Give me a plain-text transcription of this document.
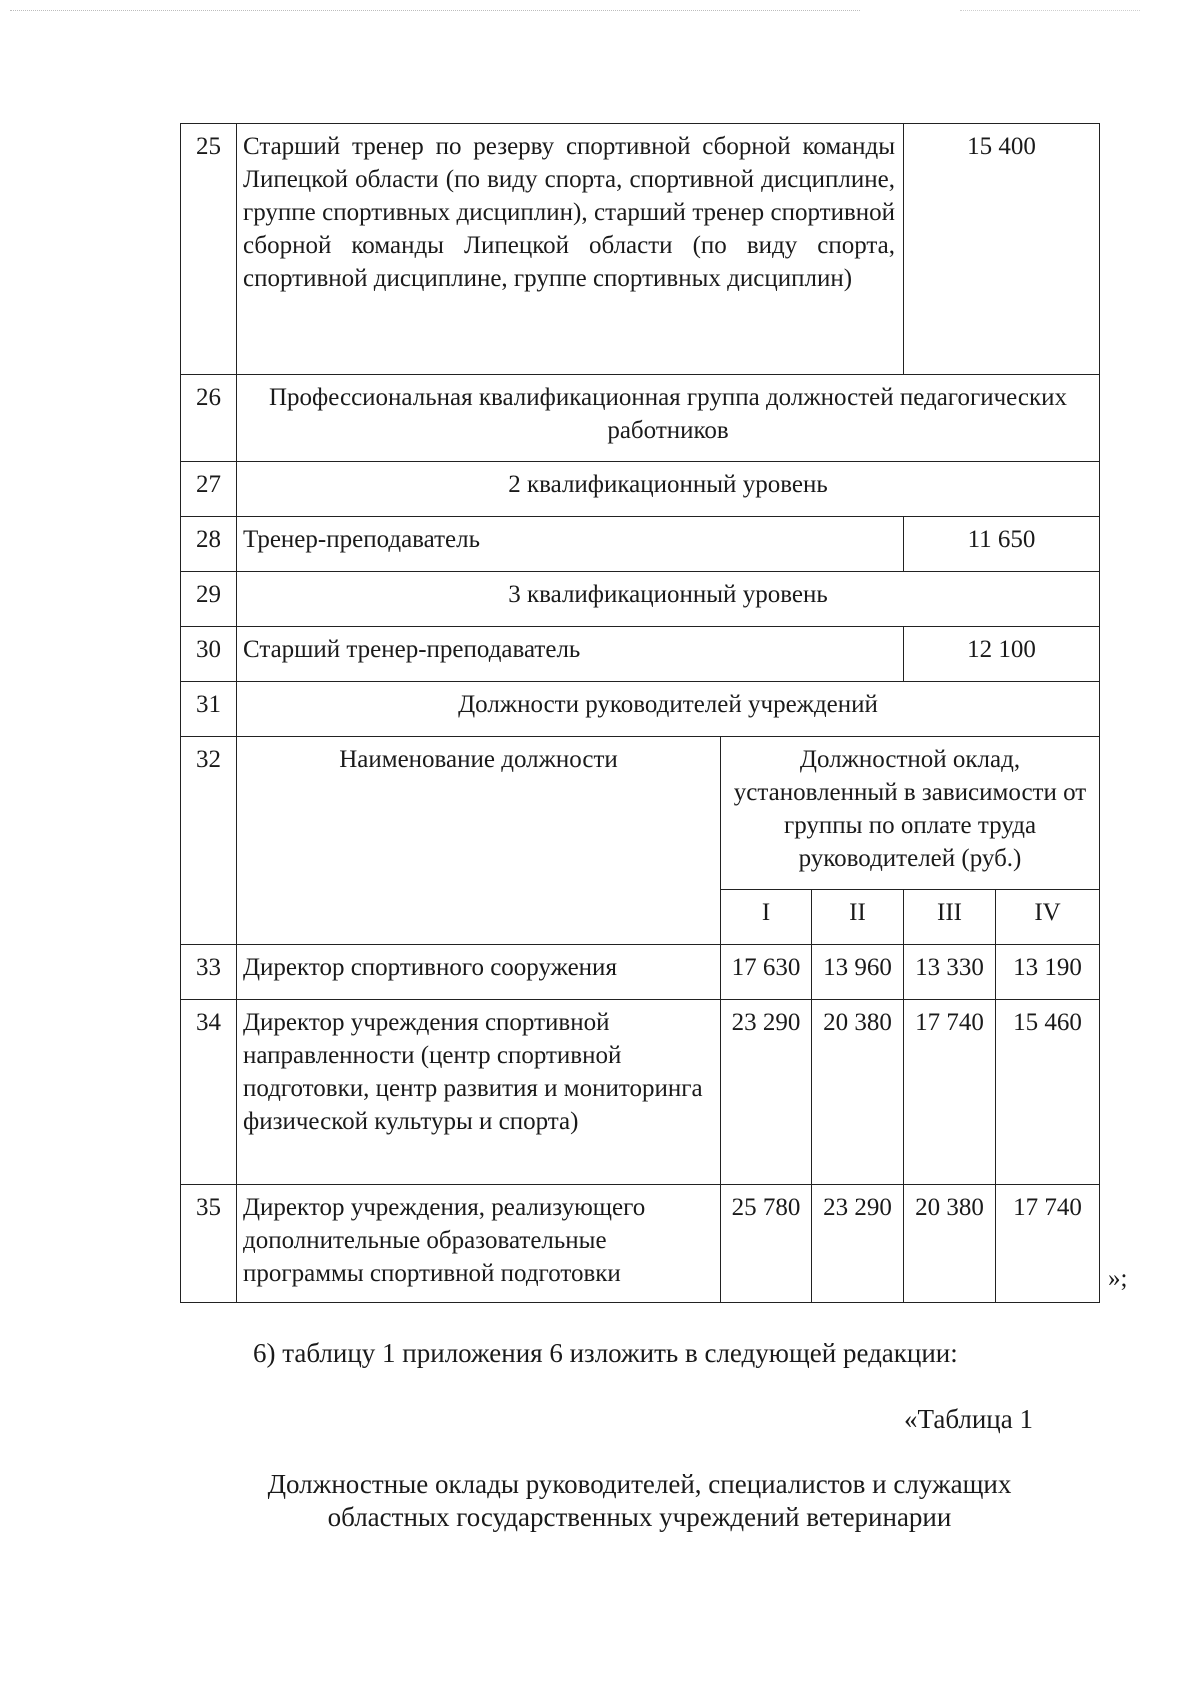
25	Старший тренер по резерву спортивной сборной команды Липецкой области (по виду спорта, спортивной дисциплине, группе спортивных дисциплин), старший тренер спортивной сборной команды Липецкой области (по виду спорта, спортивной дисциплине, группе спортивных дисциплин)			15 400	
26	Профессиональная квалификационная группа должностей педагогических работников				
27	2 квалификационный уровень				
28	Тренер-преподаватель			11 650	
29	3 квалификационный уровень				
30	Старший тренер-преподаватель			12 100	
31	Должности руководителей учреждений				
32	Наименование должности	Должностной оклад, установленный в зависимости от группы по оплате труда руководителей (руб.)			
		I	II	III	IV
33	Директор спортивного сооружения	17 630	13 960	13 330	13 190
34	Директор учреждения спортивной направленности (центр спортивной подготовки, центр развития и мониторинга физической культуры и спорта)	23 290	20 380	17 740	15 460
35	Директор учреждения, реализующего дополнительные образовательные программы спортивной подготовки	25 780	23 290	20 380	17 740
»;
6) таблицу 1 приложения 6 изложить в следующей редакции:
«Таблица 1
Должностные оклады руководителей, специалистов и служащих
областных государственных учреждений ветеринарии
